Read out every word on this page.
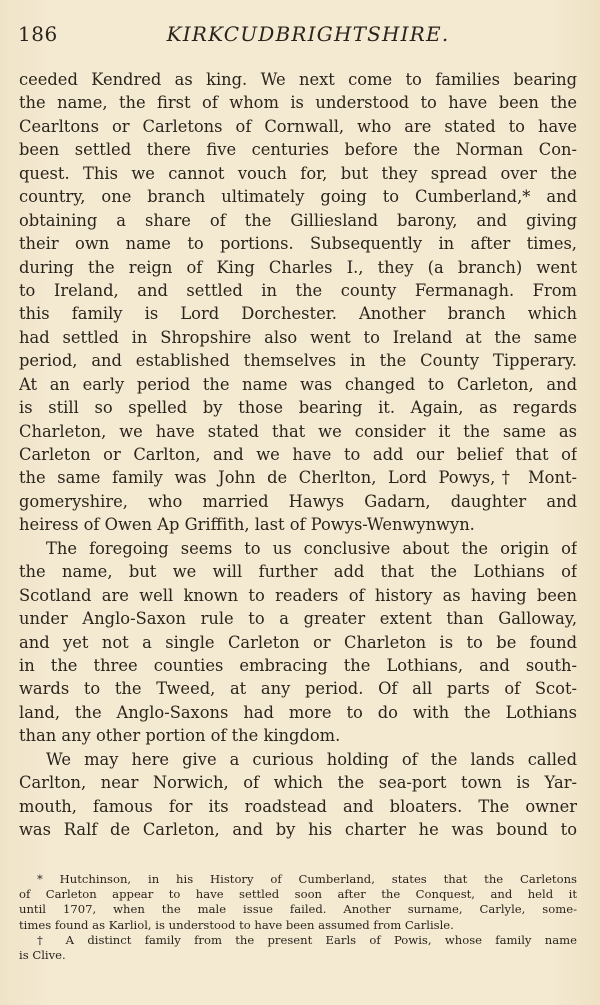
186	KIRKCUDBRIGHTSHIRE.
ceeded Kendred as king. We next come to families bearing
the name, the first of whom is understood to have been the
Cearltons or Carletons of Cornwall, who are stated to have
been settled there five centuries before the Norman Con-
quest. This we cannot vouch for, but they spread over the
country, one branch ultimately going to Cumberland,* and
obtaining a share of the Gilliesland barony, and giving
their own name to portions. Subsequently in after times,
during the reign of King Charles I., they (a branch) went
to Ireland, and settled in the county Fermanagh. From
this family is Lord Dorchester. Another branch which
had settled in Shropshire also went to Ireland at the same
period, and established themselves in the County Tipperary.
At an early period the name was changed to Carleton, and
is still so spelled by those bearing it. Again, as regards
Charleton, we have stated that we consider it the same as
Carleton or Carlton, and we have to add our belief that of
the same family was John de Cherlton, Lord Powys,† Mont-
gomeryshire, who married Hawys Gadarn, daughter and
heiress of Owen Ap Griffith, last of Powys-Wenwynwyn.
The foregoing seems to us conclusive about the origin of
the name, but we will further add that the Lothians of
Scotland are well known to readers of history as having been
under Anglo-Saxon rule to a greater extent than Galloway,
and yet not a single Carleton or Charleton is to be found
in the three counties embracing the Lothians, and south-
wards to the Tweed, at any period. Of all parts of Scot-
land, the Anglo-Saxons had more to do with the Lothians
than any other portion of the kingdom.
We may here give a curious holding of the lands called
Carlton, near Norwich, of which the sea-port town is Yar-
mouth, famous for its roadstead and bloaters. The owner
was Ralf de Carleton, and by his charter he was bound to
* Hutchinson, in his History of Cumberland, states that the Carletons
of Carleton appear to have settled soon after the Conquest, and held it
until 1707, when the male issue failed. Another surname, Carlyle, some-
times found as Karliol, is understood to have been assumed from Carlisle.
† A distinct family from the present Earls of Powis, whose family name
is Clive.
